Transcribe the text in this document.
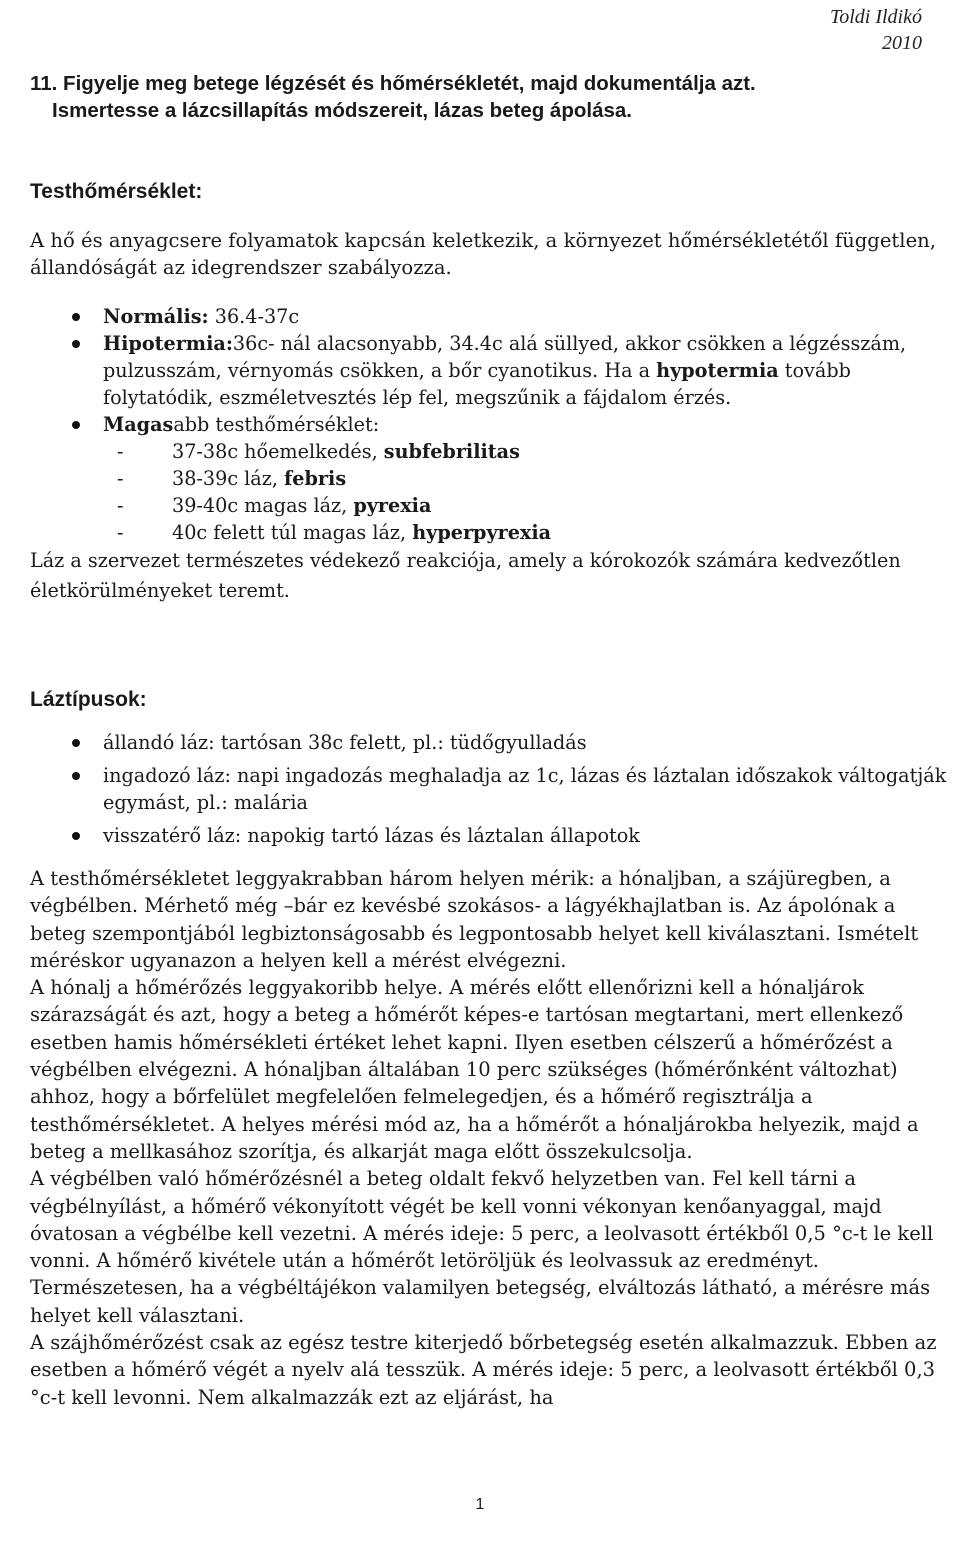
Toldi Ildikó
2010
11. Figyelje meg betege légzését és hőmérsékletét, majd dokumentálja azt.
Ismertesse a lázcsillapítás módszereit, lázas beteg ápolása.
Testhőmérséklet:
A hő és anyagcsere folyamatok kapcsán keletkezik, a környezet hőmérsékletétől független, állandóságát az idegrendszer szabályozza.
Normális: 36.4-37c
Hipotermia:36c- nál alacsonyabb, 34.4c alá süllyed, akkor csökken a légzésszám, pulzusszám, vérnyomás csökken, a bőr cyanotikus. Ha a hypotermia tovább folytatódik, eszméletvesztés lép fel, megszűnik a fájdalom érzés.
Magasabb testhőmérséklet:
-	37-38c hőemelkedés, subfebrilitas
-	38-39c láz, febris
-	39-40c magas láz, pyrexia
-	40c felett túl magas láz, hyperpyrexia
Láz a szervezet természetes védekező reakciója, amely a kórokozók számára kedvezőtlen életkörülményeket teremt.
Láztípusok:
állandó láz: tartósan 38c felett, pl.: tüdőgyulladás
ingadozó láz: napi ingadozás meghaladja az 1c, lázas és láztalan időszakok váltogatják egymást, pl.: malária
visszatérő láz: napokig tartó lázas és láztalan állapotok

A testhőmérsékletet leggyakrabban három helyen mérik: a hónaljban, a szájüregben, a végbélben. Mérhető még –bár ez kevésbé szokásos- a lágyékhajlatban is. Az ápolónak a beteg szempontjából legbiztonságosabb és legpontosabb helyet kell kiválasztani. Ismételt méréskor ugyanazon a helyen kell a mérést elvégezni.

A hónalj a hőmérőzés leggyakoribb helye. A mérés előtt ellenőrizni kell a hónaljárok szárazságát és azt, hogy a beteg a hőmérőt képes-e tartósan megtartani, mert ellenkező esetben hamis hőmérsékleti értéket lehet kapni. Ilyen esetben célszerű a hőmérőzést a végbélben elvégezni. A hónaljban általában 10 perc szükséges (hőmérőnként változhat) ahhoz, hogy a bőrfelület megfelelően felmelegedjen, és a hőmérő regisztrálja a testhőmérsékletet. A helyes mérési mód az, ha a hőmérőt a hónaljárokba helyezik, majd a beteg a mellkasához szorítja, és alkarját maga előtt összekulcsolja.

A végbélben való hőmérőzésnél a beteg oldalt fekvő helyzetben van. Fel kell tárni a végbélnyílást, a hőmérő vékonyított végét be kell vonni vékonyan kenőanyaggal, majd óvatosan a végbélbe kell vezetni. A mérés ideje: 5 perc, a leolvasott értékből 0,5 °c-t le kell vonni. A hőmérő kivétele után a hőmérőt letöröljük és leolvassuk az eredményt. Természetesen, ha a végbéltájékon valamilyen betegség, elváltozás látható, a mérésre más helyet kell választani.

A szájhőmérőzést csak az egész testre kiterjedő bőrbetegség esetén alkalmazzuk. Ebben az esetben a hőmérő végét a nyelv alá tesszük. A mérés ideje: 5 perc, a leolvasott értékből 0,3 °c-t kell levonni. Nem alkalmazzák ezt az eljárást, ha

1
